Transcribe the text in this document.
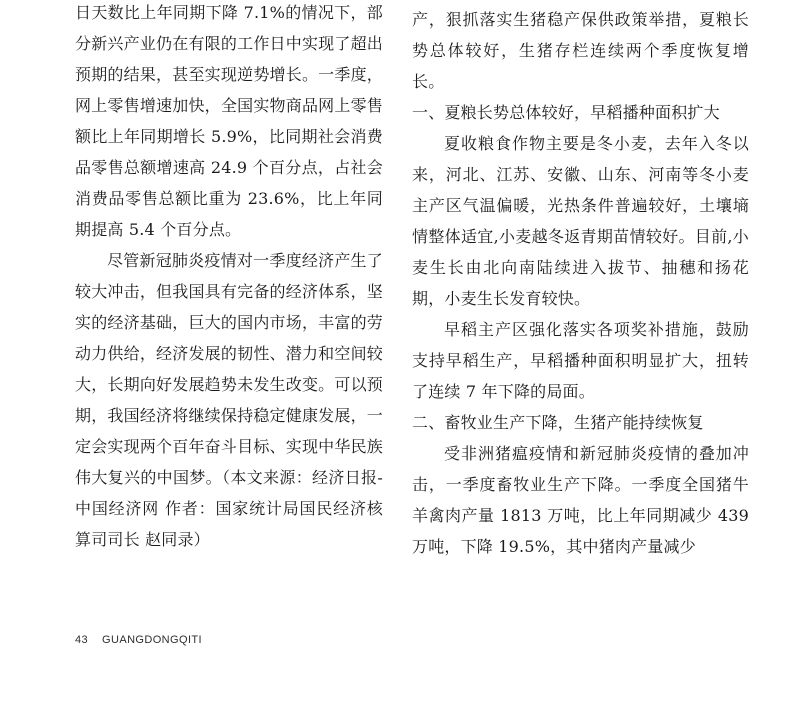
日天数比上年同期下降 7.1%的情况下，部分新兴产业仍在有限的工作日中实现了超出预期的结果，甚至实现逆势增长。一季度，网上零售增速加快，全国实物商品网上零售额比上年同期增长 5.9%，比同期社会消费品零售总额增速高 24.9 个百分点，占社会消费品零售总额比重为 23.6%，比上年同期提高 5.4 个百分点。

尽管新冠肺炎疫情对一季度经济产生了较大冲击，但我国具有完备的经济体系，坚实的经济基础，巨大的国内市场，丰富的劳动力供给，经济发展的韧性、潜力和空间较大，长期向好发展趋势未发生改变。可以预期，我国经济将继续保持稳定健康发展，一定会实现两个百年奋斗目标、实现中华民族伟大复兴的中国梦。（本文来源：经济日报-中国经济网 作者：国家统计局国民经济核算司司长 赵同录）

产，狠抓落实生猪稳产保供政策举措，夏粮长势总体较好，生猪存栏连续两个季度恢复增长。

一、夏粮长势总体较好，早稻播种面积扩大

夏收粮食作物主要是冬小麦，去年入冬以来，河北、江苏、安徽、山东、河南等冬小麦主产区气温偏暖，光热条件普遍较好，土壤墒情整体适宜,小麦越冬返青期苗情较好。目前,小麦生长由北向南陆续进入拔节、抽穗和扬花期，小麦生长发育较快。

早稻主产区强化落实各项奖补措施，鼓励支持早稻生产，早稻播种面积明显扩大，扭转了连续 7 年下降的局面。

二、畜牧业生产下降，生猪产能持续恢复

受非洲猪瘟疫情和新冠肺炎疫情的叠加冲击，一季度畜牧业生产下降。一季度全国猪牛羊禽肉产量 1813 万吨，比上年同期减少 439 万吨，下降 19.5%，其中猪肉产量减少

43 GUANGDONGQITI
